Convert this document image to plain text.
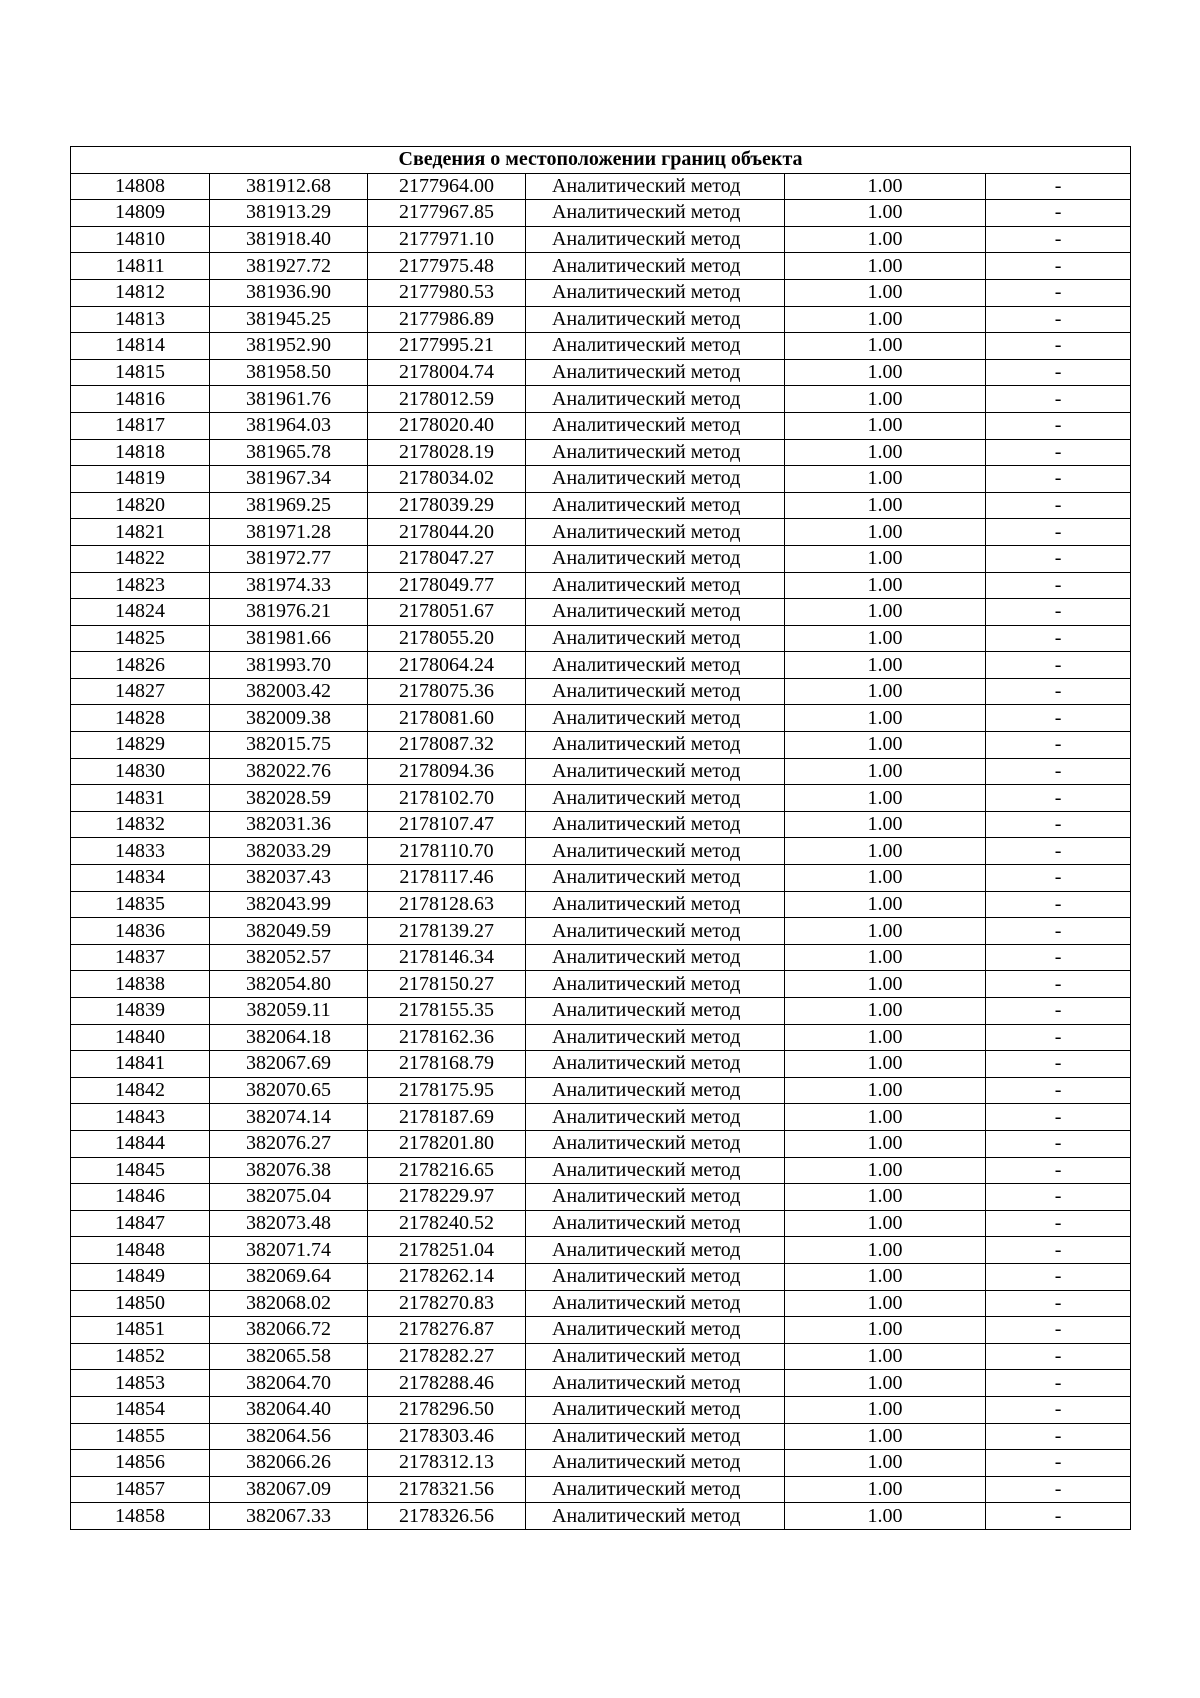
Сведения о местоположении границ объекта					
14808	381912.68	2177964.00	Аналитический метод	1.00	-
14809	381913.29	2177967.85	Аналитический метод	1.00	-
14810	381918.40	2177971.10	Аналитический метод	1.00	-
14811	381927.72	2177975.48	Аналитический метод	1.00	-
14812	381936.90	2177980.53	Аналитический метод	1.00	-
14813	381945.25	2177986.89	Аналитический метод	1.00	-
14814	381952.90	2177995.21	Аналитический метод	1.00	-
14815	381958.50	2178004.74	Аналитический метод	1.00	-
14816	381961.76	2178012.59	Аналитический метод	1.00	-
14817	381964.03	2178020.40	Аналитический метод	1.00	-
14818	381965.78	2178028.19	Аналитический метод	1.00	-
14819	381967.34	2178034.02	Аналитический метод	1.00	-
14820	381969.25	2178039.29	Аналитический метод	1.00	-
14821	381971.28	2178044.20	Аналитический метод	1.00	-
14822	381972.77	2178047.27	Аналитический метод	1.00	-
14823	381974.33	2178049.77	Аналитический метод	1.00	-
14824	381976.21	2178051.67	Аналитический метод	1.00	-
14825	381981.66	2178055.20	Аналитический метод	1.00	-
14826	381993.70	2178064.24	Аналитический метод	1.00	-
14827	382003.42	2178075.36	Аналитический метод	1.00	-
14828	382009.38	2178081.60	Аналитический метод	1.00	-
14829	382015.75	2178087.32	Аналитический метод	1.00	-
14830	382022.76	2178094.36	Аналитический метод	1.00	-
14831	382028.59	2178102.70	Аналитический метод	1.00	-
14832	382031.36	2178107.47	Аналитический метод	1.00	-
14833	382033.29	2178110.70	Аналитический метод	1.00	-
14834	382037.43	2178117.46	Аналитический метод	1.00	-
14835	382043.99	2178128.63	Аналитический метод	1.00	-
14836	382049.59	2178139.27	Аналитический метод	1.00	-
14837	382052.57	2178146.34	Аналитический метод	1.00	-
14838	382054.80	2178150.27	Аналитический метод	1.00	-
14839	382059.11	2178155.35	Аналитический метод	1.00	-
14840	382064.18	2178162.36	Аналитический метод	1.00	-
14841	382067.69	2178168.79	Аналитический метод	1.00	-
14842	382070.65	2178175.95	Аналитический метод	1.00	-
14843	382074.14	2178187.69	Аналитический метод	1.00	-
14844	382076.27	2178201.80	Аналитический метод	1.00	-
14845	382076.38	2178216.65	Аналитический метод	1.00	-
14846	382075.04	2178229.97	Аналитический метод	1.00	-
14847	382073.48	2178240.52	Аналитический метод	1.00	-
14848	382071.74	2178251.04	Аналитический метод	1.00	-
14849	382069.64	2178262.14	Аналитический метод	1.00	-
14850	382068.02	2178270.83	Аналитический метод	1.00	-
14851	382066.72	2178276.87	Аналитический метод	1.00	-
14852	382065.58	2178282.27	Аналитический метод	1.00	-
14853	382064.70	2178288.46	Аналитический метод	1.00	-
14854	382064.40	2178296.50	Аналитический метод	1.00	-
14855	382064.56	2178303.46	Аналитический метод	1.00	-
14856	382066.26	2178312.13	Аналитический метод	1.00	-
14857	382067.09	2178321.56	Аналитический метод	1.00	-
14858	382067.33	2178326.56	Аналитический метод	1.00	-
